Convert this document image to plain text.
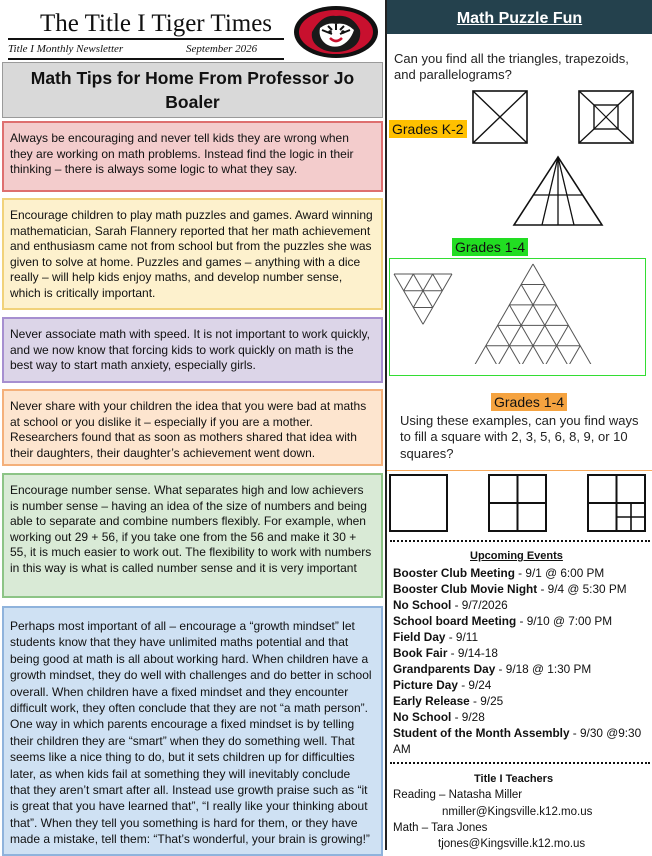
The Title I Tiger Times
Title I Monthly Newsletter	September 2026
Math Tips for Home From Professor Jo Boaler
Always be encouraging and never tell kids they are wrong when they are working on math problems. Instead find the logic in their thinking – there is always some logic to what they say.
Encourage children to play math puzzles and games. Award winning mathematician, Sarah Flannery reported that her math achievement and enthusiasm came not from school but from the puzzles she was given to solve at home. Puzzles and games – anything with a dice really – will help kids enjoy maths, and develop number sense, which is critically important.
Never associate math with speed. It is not important to work quickly, and we now know that forcing kids to work quickly on math is the best way to start math anxiety, especially girls.
Never share with your children the idea that you were bad at maths at school or you dislike it – especially if you are a mother. Researchers found that as soon as mothers shared that idea with their daughters, their daughter’s achievement went down.
Encourage number sense. What separates high and low achievers is number sense – having an idea of the size of numbers and being able to separate and combine numbers flexibly. For example, when working out 29 + 56, if you take one from the 56 and make it 30 + 55, it is much easier to work out. The flexibility to work with numbers in this way is what is called number sense and it is very important
Perhaps most important of all – encourage a “growth mindset” let students know that they have unlimited maths potential and that being good at math is all about working hard. When children have a growth mindset, they do well with challenges and do better in school overall. When children have a fixed mindset and they encounter difficult work, they often conclude that they are not “a math person”. One way in which parents encourage a fixed mindset is by telling their children they are “smart” when they do something well. That seems like a nice thing to do, but it sets children up for difficulties later, as when kids fail at something they will inevitably conclude that they aren’t smart after all. Instead use growth praise such as “it is great that you have learned that”, “I really like your thinking about that”. When they tell you something is hard for them, or they have made a mistake, tell them: “That’s wonderful, your brain is growing!”
Math Puzzle Fun
Can you find all the triangles, trapezoids, and parallelograms?
Grades K-2
Grades 1-4
Grades 1-4
Using these examples, can you find ways to fill a square with 2, 3, 5, 6, 8, 9, or 10 squares?
Upcoming Events
Booster Club Meeting - 9/1 @ 6:00 PM
Booster Club Movie Night - 9/4 @ 5:30 PM
No School - 9/7/2026
School board Meeting - 9/10 @ 7:00 PM
Field Day - 9/11
Book Fair - 9/14-18
Grandparents Day - 9/18 @ 1:30 PM
Picture Day - 9/24
Early Release - 9/25
No School - 9/28
Student of the Month Assembly - 9/30 @9:30 AM
Title I Teachers
Reading – Natasha Miller
nmiller@Kingsville.k12.mo.us
Math – Tara Jones
tjones@Kingsville.k12.mo.us
